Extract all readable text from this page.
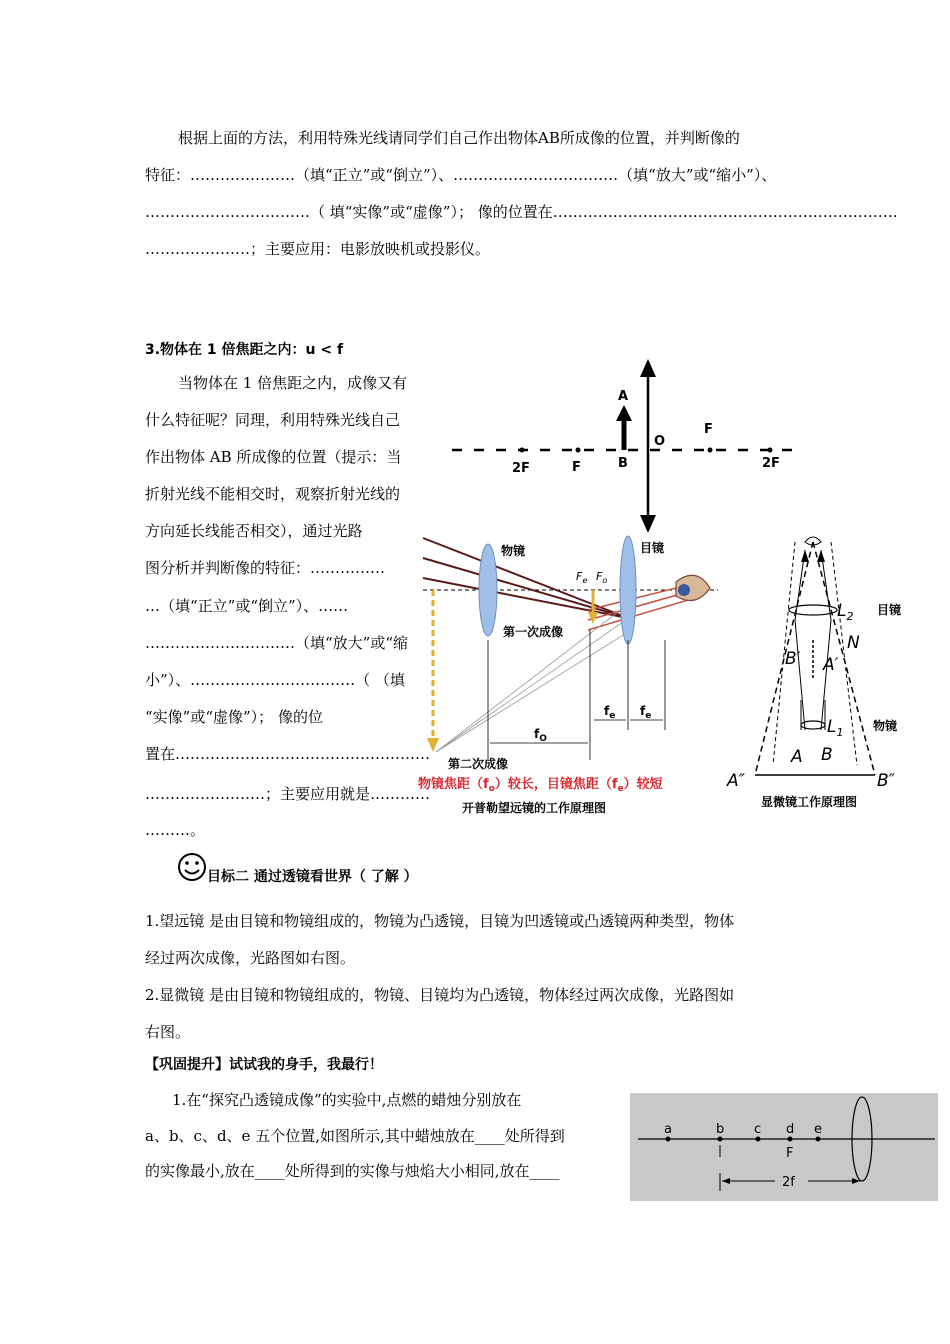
根据上面的方法，利用特殊光线请同学们自己作出物体AB所成像的位置，并判断像的
特征：…………………（填“正立”或“倒立”）、……………………………（填“放大”或“缩小”）、
……………………………（ 填“实像”或“虚像”）； 像的位置在……………………………………………………………
…………………；主要应用：电影放映机或投影仪。
3.物体在 1 倍焦距之内：u < f
当物体在 1 倍焦距之内，成像又有
什么特征呢？同理，利用特殊光线自己
作出物体 AB 所成像的位置（提示：当
折射光线不能相交时，观察折射光线的
方向延长线能否相交），通过光路
图分析并判断像的特征：……………
…（填“正立”或“倒立”）、……
…………………………（填“放大”或“缩
小”）、……………………………（ （填
“实像”或“虚像”）； 像的位
置在……………………………………………
……………………；主要应用就是…………
………。
A
B
O
F
F
2F	2F
物镜	目镜
第一次成像
第二次成像
$F_e$ $F_o$
$f_e$ $f_e$
$f_O$
物镜焦距$(f_o)$较长，目镜焦距$(f_e)$较短
开普勒望远镜的工作原理图
目镜
物镜
$L_2$
$L_1$
N
B′ A′
A B
A″	B″
显微镜工作原理图
目标二 通过透镜看世界（ 了解 ）
1.望远镜 是由目镜和物镜组成的，物镜为凸透镜，目镜为凹透镜或凸透镜两种类型，物体
经过两次成像，光路图如右图。
2.显微镜 是由目镜和物镜组成的，物镜、目镜均为凸透镜，物体经过两次成像，光路图如
右图。
【巩固提升】试试我的身手，我最行！
1.在“探究凸透镜成像”的实验中,点燃的蜡烛分别放在
a、b、c、d、e 五个位置,如图所示,其中蜡烛放在____处所得到
的实像最小,放在____处所得到的实像与烛焰大小相同,放在____
a	b c d e
F
2f
